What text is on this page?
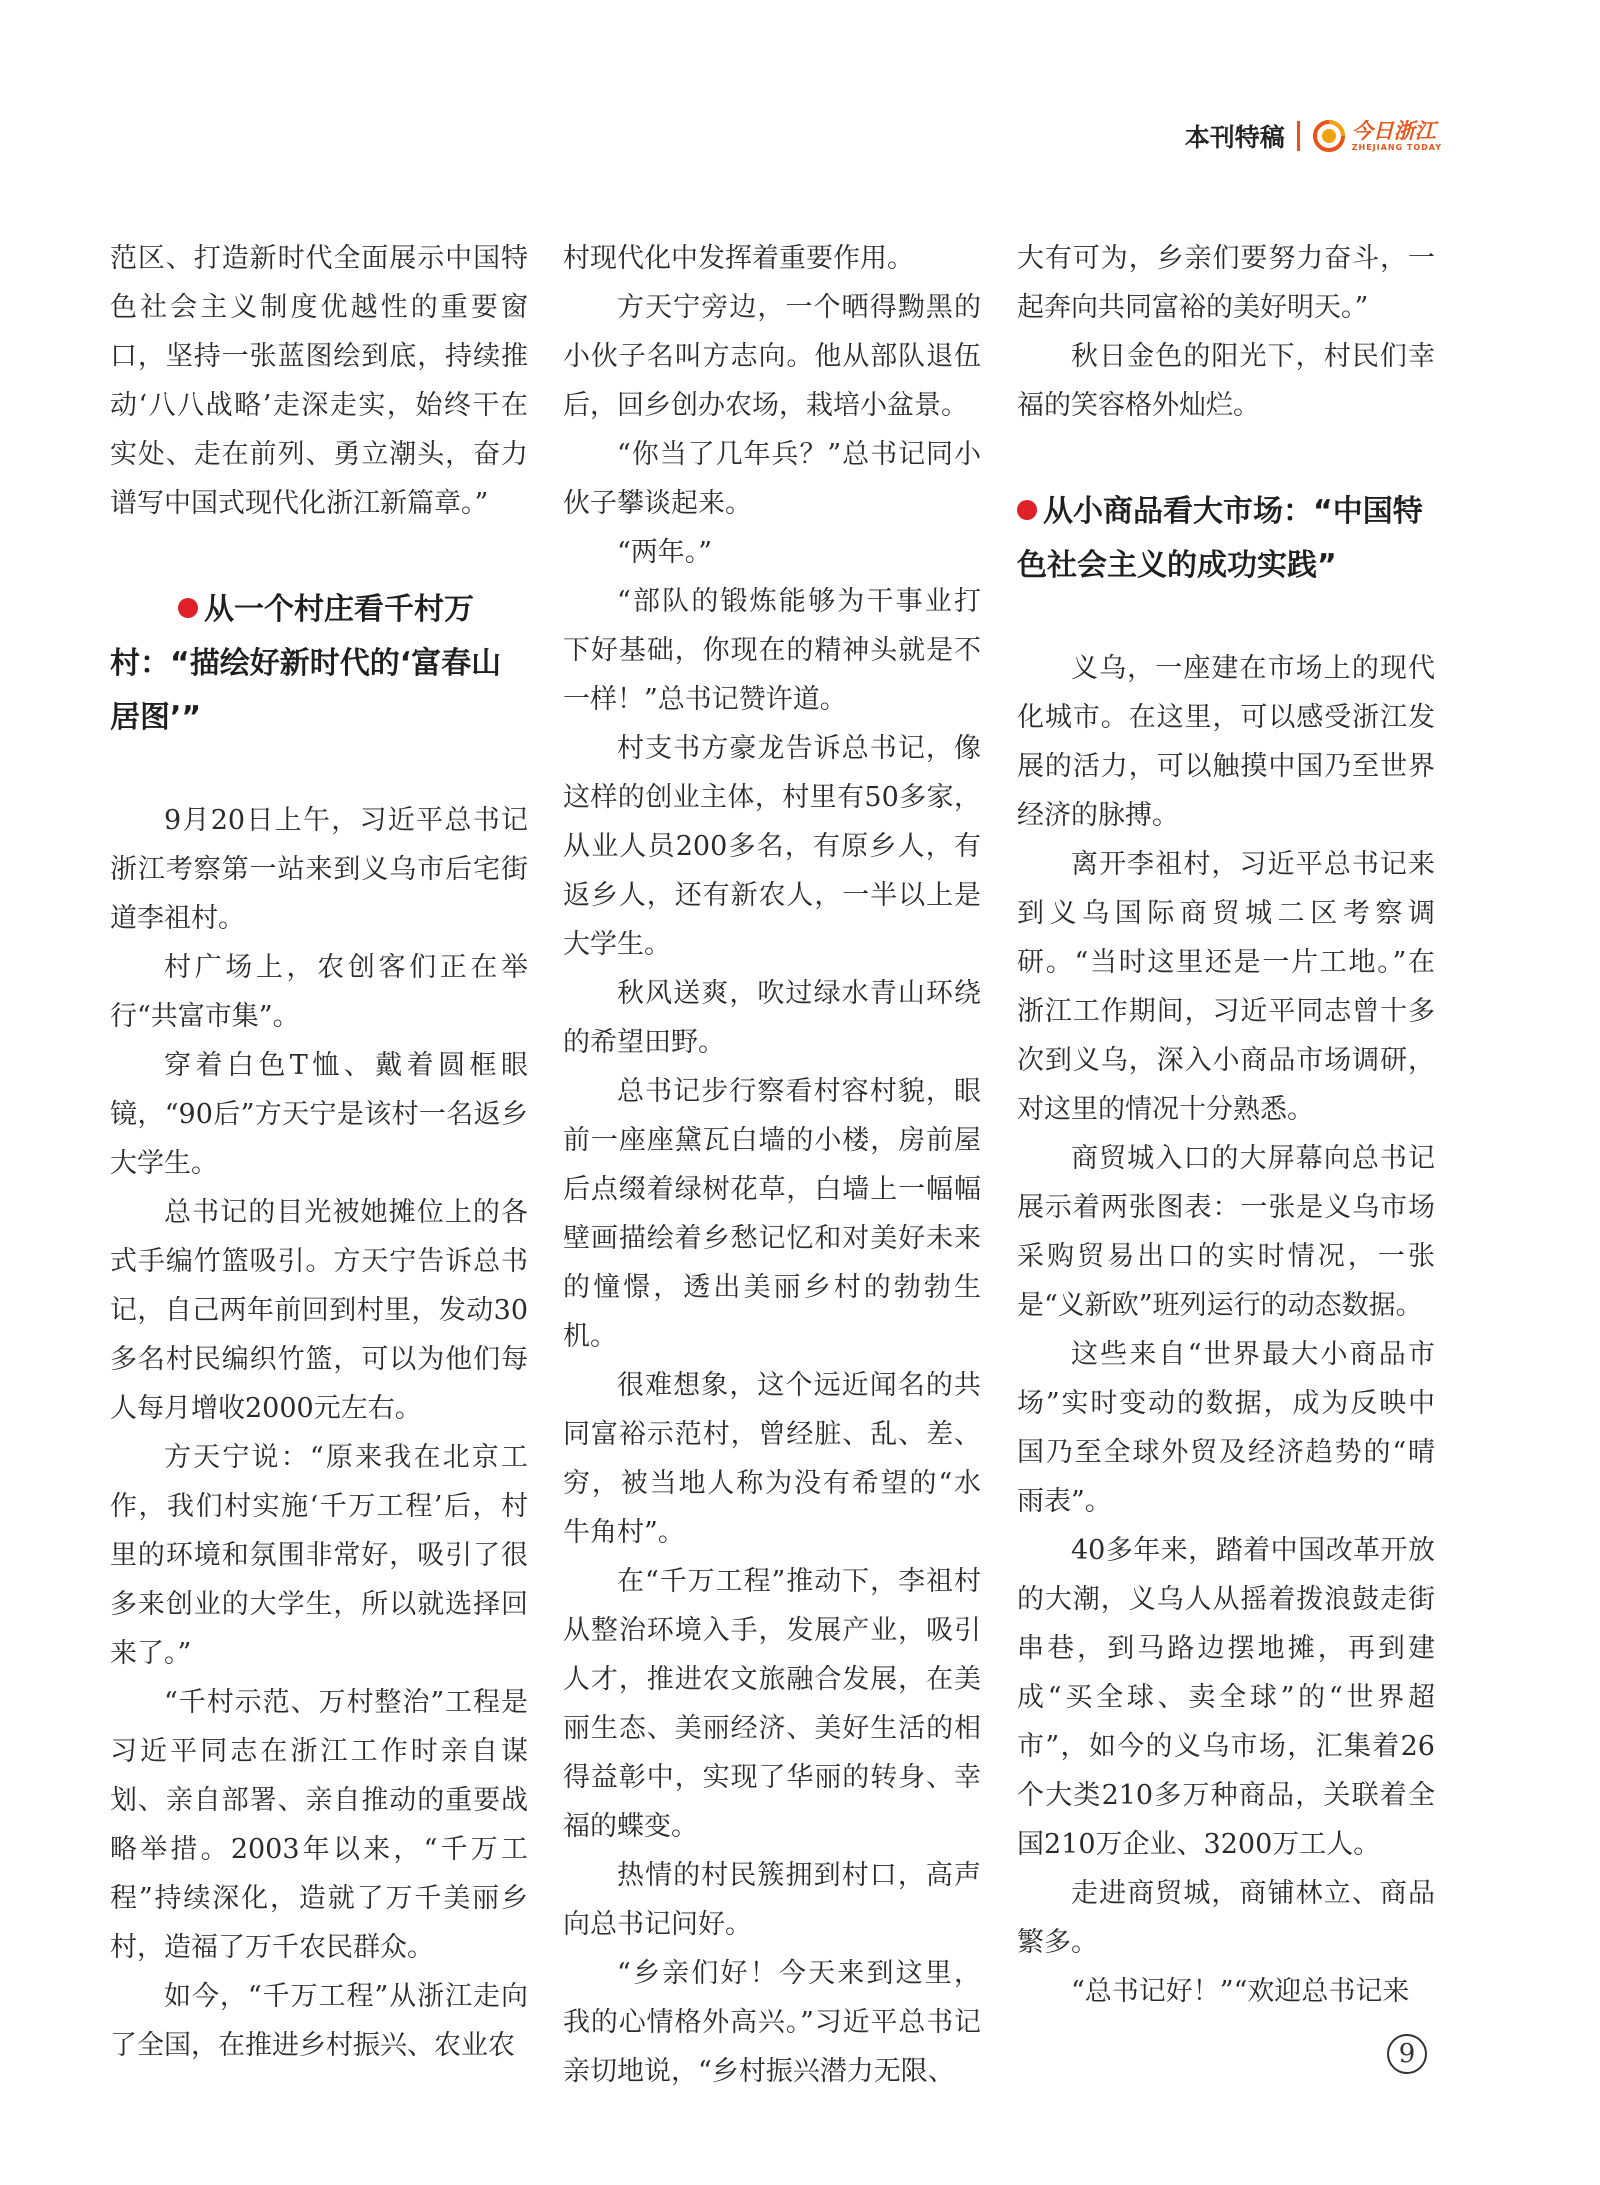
本刊特稿	今日浙江
ZHEJIANG TODAY

范区、打造新时代全面展示中国特色社会主义制度优越性的重要窗口，坚持一张蓝图绘到底，持续推动‘八八战略’走深走实，始终干在实处、走在前列、勇立潮头，奋力谱写中国式现代化浙江新篇章。”

从一个村庄看千村万村：“描绘好新时代的‘富春山居图’”

9月20日上午，习近平总书记浙江考察第一站来到义乌市后宅街道李祖村。

村广场上，农创客们正在举行“共富市集”。

穿着白色T恤、戴着圆框眼镜，“90后”方天宁是该村一名返乡大学生。

总书记的目光被她摊位上的各式手编竹篮吸引。方天宁告诉总书记，自己两年前回到村里，发动30多名村民编织竹篮，可以为他们每人每月增收2000元左右。

方天宁说：“原来我在北京工作，我们村实施‘千万工程’后，村里的环境和氛围非常好，吸引了很多来创业的大学生，所以就选择回来了。”

“千村示范、万村整治”工程是习近平同志在浙江工作时亲自谋划、亲自部署、亲自推动的重要战略举措。2003年以来，“千万工程”持续深化，造就了万千美丽乡村，造福了万千农民群众。

如今，“千万工程”从浙江走向了全国，在推进乡村振兴、农业农

村现代化中发挥着重要作用。

方天宁旁边，一个晒得黝黑的小伙子名叫方志向。他从部队退伍后，回乡创办农场，栽培小盆景。

“你当了几年兵？”总书记同小伙子攀谈起来。

“两年。”

“部队的锻炼能够为干事业打下好基础，你现在的精神头就是不一样！”总书记赞许道。

村支书方豪龙告诉总书记，像这样的创业主体，村里有50多家，从业人员200多名，有原乡人，有返乡人，还有新农人，一半以上是大学生。

秋风送爽，吹过绿水青山环绕的希望田野。

总书记步行察看村容村貌，眼前一座座黛瓦白墙的小楼，房前屋后点缀着绿树花草，白墙上一幅幅壁画描绘着乡愁记忆和对美好未来的憧憬，透出美丽乡村的勃勃生机。

很难想象，这个远近闻名的共同富裕示范村，曾经脏、乱、差、穷，被当地人称为没有希望的“水牛角村”。

在“千万工程”推动下，李祖村从整治环境入手，发展产业，吸引人才，推进农文旅融合发展，在美丽生态、美丽经济、美好生活的相得益彰中，实现了华丽的转身、幸福的蝶变。

热情的村民簇拥到村口，高声向总书记问好。

“乡亲们好！今天来到这里，我的心情格外高兴。”习近平总书记亲切地说，“乡村振兴潜力无限、

大有可为，乡亲们要努力奋斗，一起奔向共同富裕的美好明天。”

秋日金色的阳光下，村民们幸福的笑容格外灿烂。

从小商品看大市场：“中国特色社会主义的成功实践”

义乌，一座建在市场上的现代化城市。在这里，可以感受浙江发展的活力，可以触摸中国乃至世界经济的脉搏。

离开李祖村，习近平总书记来到义乌国际商贸城二区考察调研。“当时这里还是一片工地。”在浙江工作期间，习近平同志曾十多次到义乌，深入小商品市场调研，对这里的情况十分熟悉。

商贸城入口的大屏幕向总书记展示着两张图表：一张是义乌市场采购贸易出口的实时情况，一张是“义新欧”班列运行的动态数据。

这些来自“世界最大小商品市场”实时变动的数据，成为反映中国乃至全球外贸及经济趋势的“晴雨表”。

40多年来，踏着中国改革开放的大潮，义乌人从摇着拨浪鼓走街串巷，到马路边摆地摊，再到建成“买全球、卖全球”的“世界超市”，如今的义乌市场，汇集着26个大类210多万种商品，关联着全国210万企业、3200万工人。

走进商贸城，商铺林立、商品繁多。

“总书记好！”“欢迎总书记来

9
